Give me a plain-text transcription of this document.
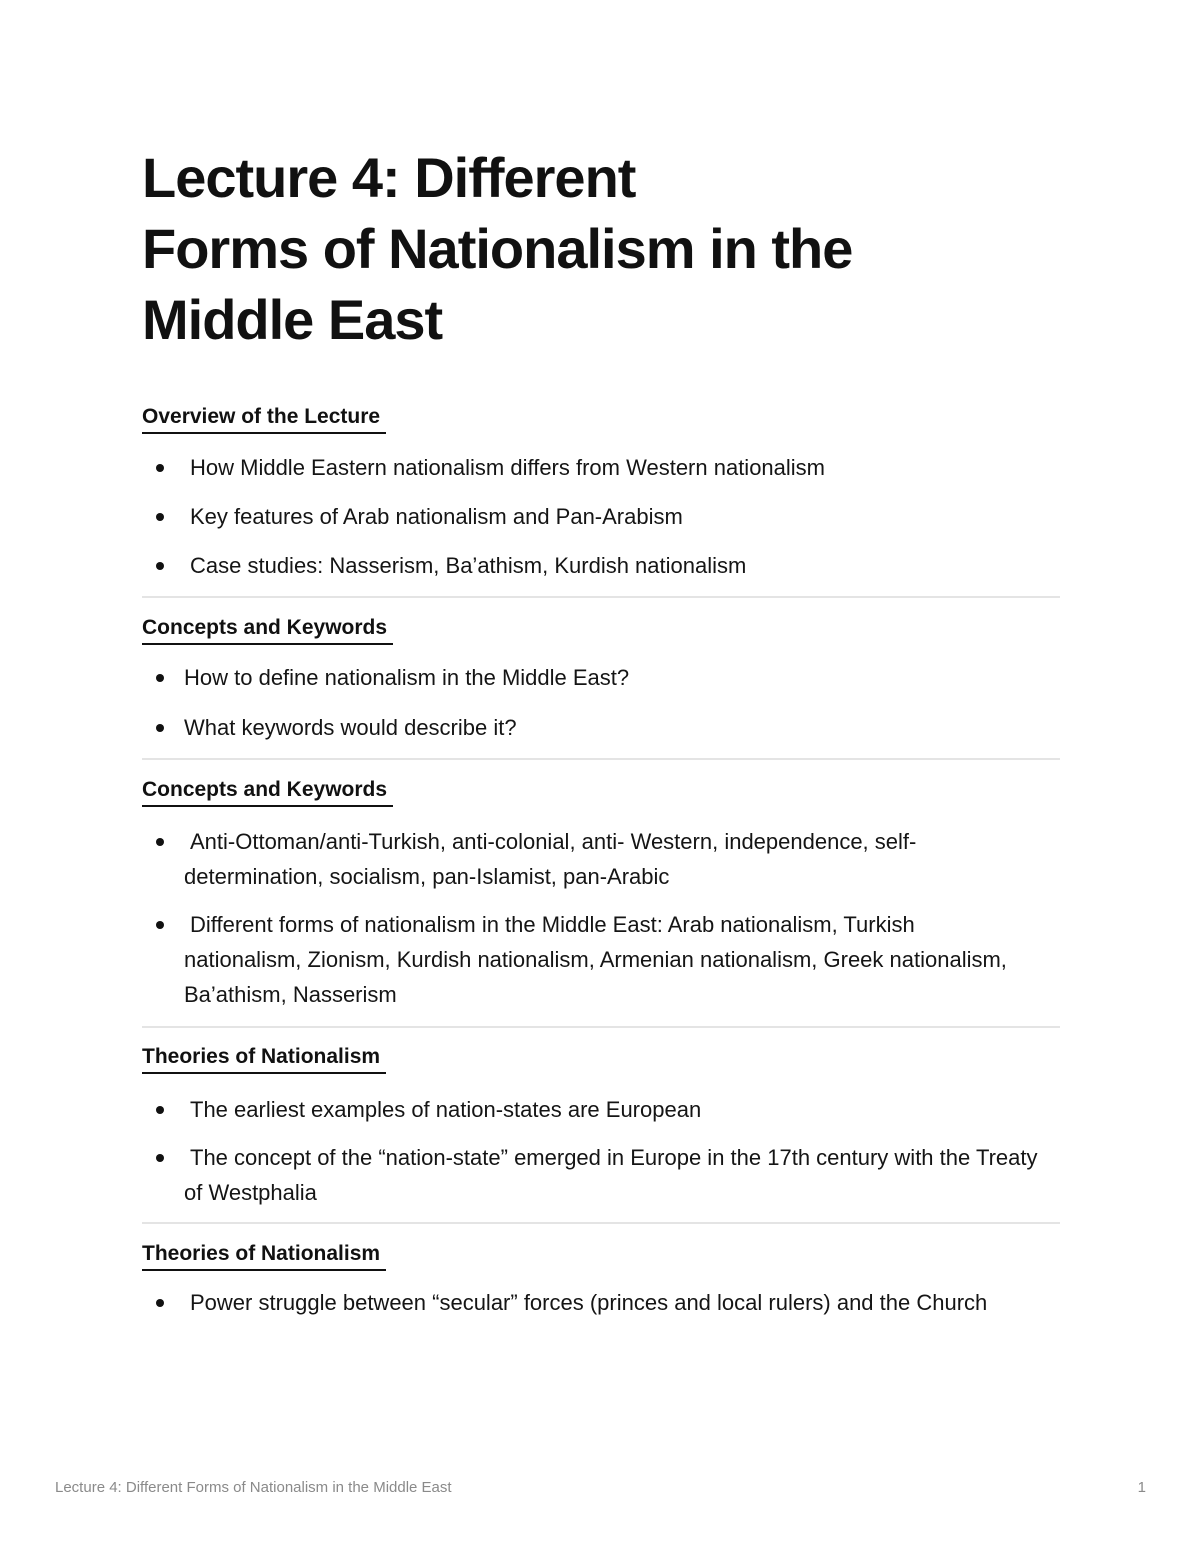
Lecture 4: Different
Forms of Nationalism in the
Middle East
Overview of the Lecture
How Middle Eastern nationalism differs from Western nationalism
Key features of Arab nationalism and Pan-Arabism
Case studies: Nasserism, Ba’athism, Kurdish nationalism
Concepts and Keywords
How to define nationalism in the Middle East?
What keywords would describe it?
Concepts and Keywords
Anti-Ottoman/anti-Turkish, anti-colonial, anti- Western, independence, self-determination, socialism, pan-Islamist, pan-Arabic
Different forms of nationalism in the Middle East: Arab nationalism, Turkish nationalism, Zionism, Kurdish nationalism, Armenian nationalism, Greek nationalism, Ba’athism, Nasserism
Theories of Nationalism
The earliest examples of nation-states are European
The concept of the “nation-state” emerged in Europe in the 17th century with the Treaty of Westphalia
Theories of Nationalism
Power struggle between “secular” forces (princes and local rulers) and the Church
Lecture 4: Different Forms of Nationalism in the Middle East	1
